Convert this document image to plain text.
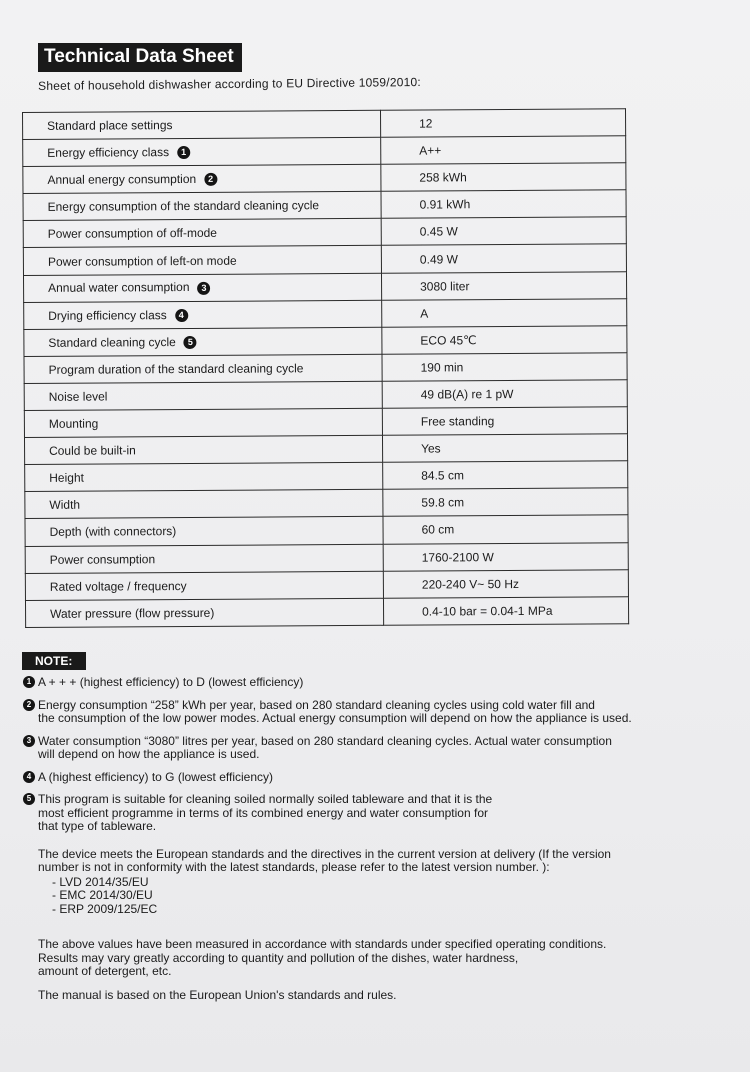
Technical Data Sheet
Sheet of household dishwasher according to EU Directive 1059/2010:
Standard place settings	12
Energy efficiency class 1	A++
Annual energy consumption 2	258 kWh
Energy consumption of the standard cleaning cycle	0.91 kWh
Power consumption of off-mode	0.45 W
Power consumption of left-on mode	0.49 W
Annual water consumption 3	3080 liter
Drying efficiency class 4	A
Standard cleaning cycle 5	ECO 45℃
Program duration of the standard cleaning cycle	190 min
Noise level	49 dB(A) re 1 pW
Mounting	Free standing
Could be built-in	Yes
Height	84.5 cm
Width	59.8 cm
Depth (with connectors)	60 cm
Power consumption	1760-2100 W
Rated voltage / frequency	220-240 V~ 50 Hz
Water pressure (flow pressure)	0.4-10 bar = 0.04-1 MPa
NOTE:
1 A + + + (highest efficiency) to D (lowest efficiency)
2 Energy consumption “258” kWh per year, based on 280 standard cleaning cycles using cold water fill and
the consumption of the low power modes. Actual energy consumption will depend on how the appliance is used.
3 Water consumption “3080” litres per year, based on 280 standard cleaning cycles. Actual water consumption
will depend on how the appliance is used.
4 A (highest efficiency) to G (lowest efficiency)
5 This program is suitable for cleaning soiled normally soiled tableware and that it is the
most efficient programme in terms of its combined energy and water consumption for
that type of tableware.
The device meets the European standards and the directives in the current version at delivery (If the version
number is not in conformity with the latest standards, please refer to the latest version number. ):
- LVD 2014/35/EU
- EMC 2014/30/EU
- ERP 2009/125/EC
The above values have been measured in accordance with standards under specified operating conditions.
Results may vary greatly according to quantity and pollution of the dishes, water hardness,
amount of detergent, etc.
The manual is based on the European Union's standards and rules.
